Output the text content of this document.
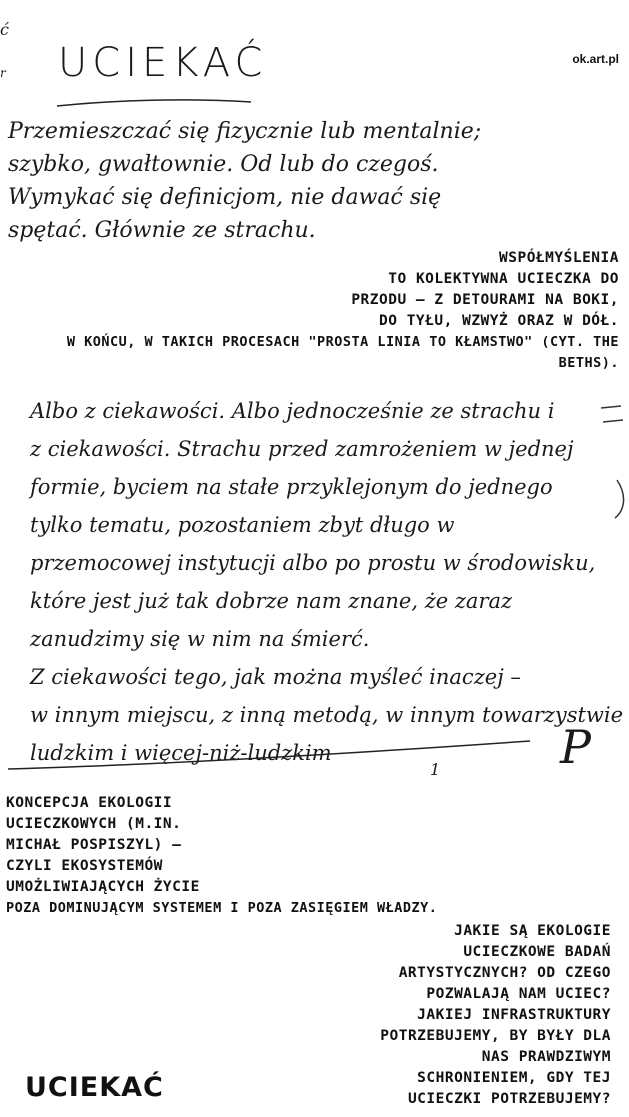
ć
r
ok.art.pl
UCIEKAĆ
Przemieszczać się fizycznie lub mentalnie;
szybko, gwałtownie. Od lub do czegoś.
Wymykać się definicjom, nie dawać się
spętać. Głównie ze strachu.
WSPÓŁMYŚLENIA
TO KOLEKTYWNA UCIECZKA DO
PRZODU – Z DETOURAMI NA BOKI,
DO TYŁU, WZWYŻ ORAZ W DÓŁ.
W KOŃCU, W TAKICH PROCESACH "PROSTA LINIA TO KŁAMSTWO" (CYT. THE BETHS).
Albo z ciekawości. Albo jednocześnie ze strachu i
z ciekawości. Strachu przed zamrożeniem w jednej
formie, byciem na stałe przyklejonym do jednego
tylko tematu, pozostaniem zbyt długo w
przemocowej instytucji albo po prostu w środowisku,
które jest już tak dobrze nam znane, że zaraz
zanudzimy się w nim na śmierć.
Z ciekawości tego, jak można myśleć inaczej –
w innym miejscu, z inną metodą, w innym towarzystwie
ludzkim i więcej-niż-ludzkim	P
1
KONCEPCJA EKOLOGII
UCIECZKOWYCH (M.IN.
MICHAŁ POSPISZYL) –
CZYLI EKOSYSTEMÓW
UMOŻLIWIAJĄCYCH ŻYCIE
POZA DOMINUJĄCYM SYSTEMEM I POZA ZASIĘGIEM WŁADZY.
JAKIE SĄ EKOLOGIE
UCIECZKOWE BADAŃ
ARTYSTYCZNYCH? OD CZEGO
POZWALAJĄ NAM UCIEC?
JAKIEJ INFRASTRUKTURY
POTRZEBUJEMY, BY BYŁY DLA
NAS PRAWDZIWYM
SCHRONIENIEM, GDY TEJ
UCIECZKI POTRZEBUJEMY?
UCIEKAĆ
